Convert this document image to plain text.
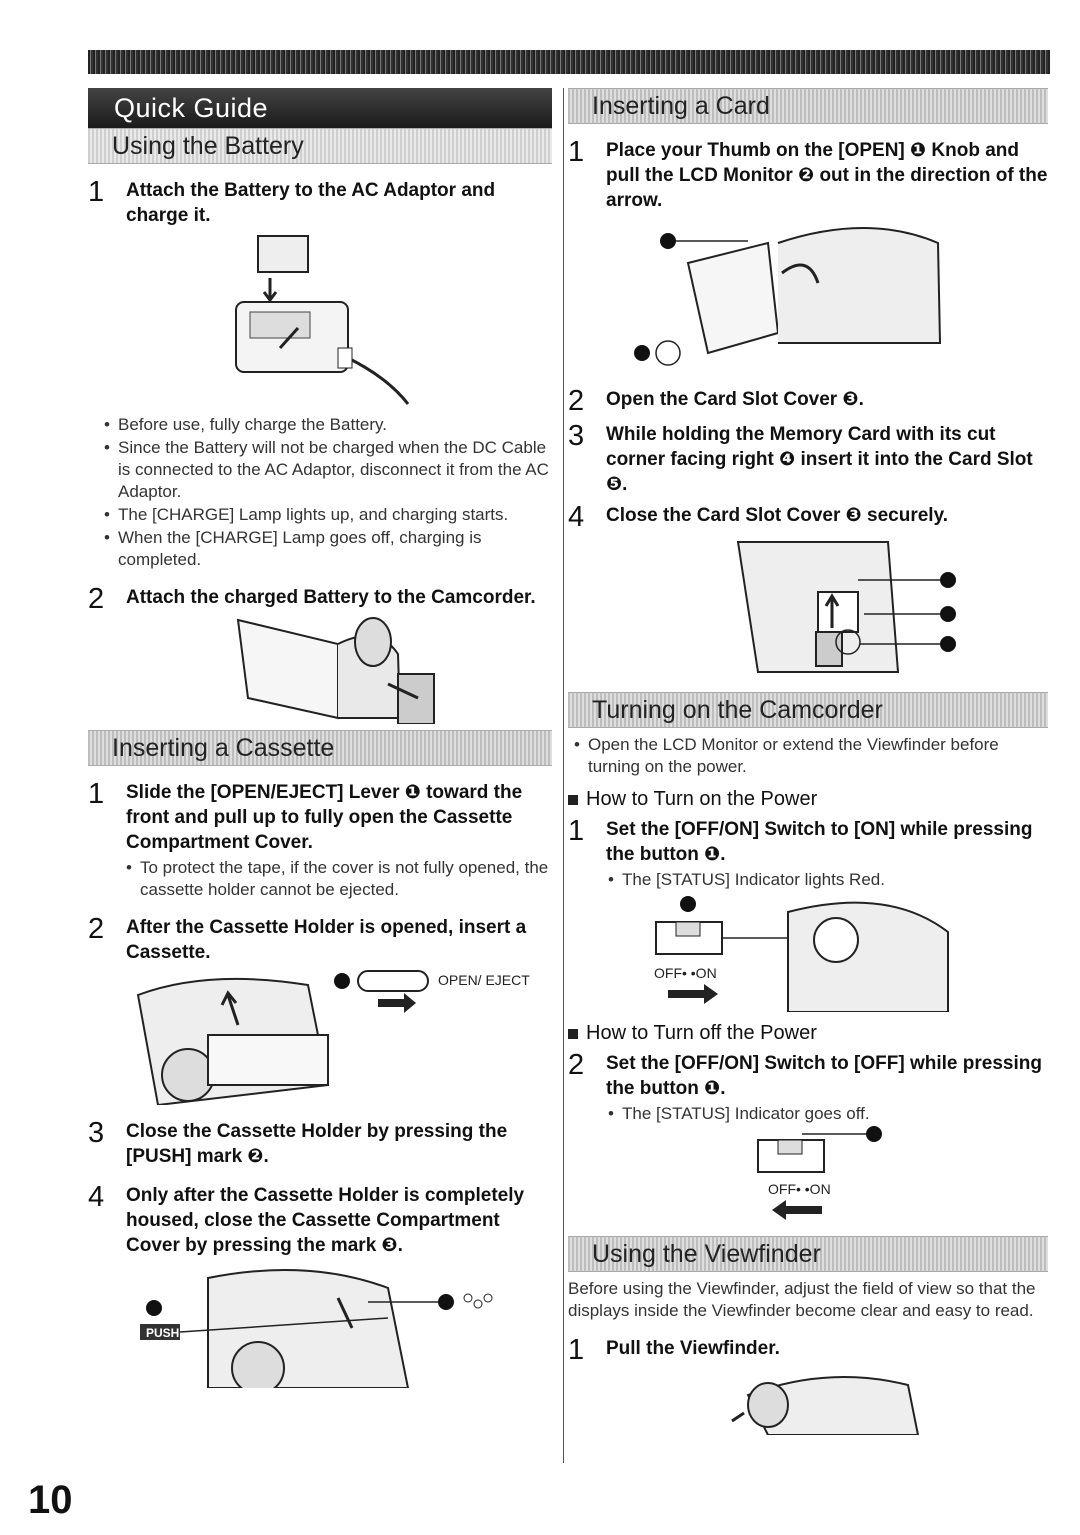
Quick Guide
Using the Battery
1	Attach the Battery to the AC Adaptor and charge it.
• Before use, fully charge the Battery.
• Since the Battery will not be charged when the DC Cable is connected to the AC Adaptor, disconnect it from the AC Adaptor.
• The [CHARGE] Lamp lights up, and charging starts.
• When the [CHARGE] Lamp goes off, charging is completed.
2	Attach the charged Battery to the Camcorder.
Inserting a Cassette
1	Slide the [OPEN/EJECT] Lever ❶ toward the front and pull up to fully open the Cassette Compartment Cover.
• To protect the tape, if the cover is not fully opened, the cassette holder cannot be ejected.
2	After the Cassette Holder is opened, insert a Cassette.
OPEN/ EJECT
3	Close the Cassette Holder by pressing the [PUSH] mark ❷.
4	Only after the Cassette Holder is completely housed, close the Cassette Compartment Cover by pressing the mark ❸.
PUSH
Inserting a Card
1	Place your Thumb on the [OPEN] ❶ Knob and pull the LCD Monitor ❷ out in the direction of the arrow.
2	Open the Card Slot Cover ❸.
3	While holding the Memory Card with its cut corner facing right ❹ insert it into the Card Slot ❺.
4	Close the Card Slot Cover ❸ securely.
Turning on the Camcorder
• Open the LCD Monitor or extend the Viewfinder before turning on the power.
How to Turn on the Power
1	Set the [OFF/ON] Switch to [ON] while pressing the button ❶.
• The [STATUS] Indicator lights Red.
OFF• •ON
How to Turn off the Power
2	Set the [OFF/ON] Switch to [OFF] while pressing the button ❶.
• The [STATUS] Indicator goes off.
OFF• •ON
Using the Viewfinder
Before using the Viewfinder, adjust the field of view so that the displays inside the Viewfinder become clear and easy to read.
1	Pull the Viewfinder.
10
